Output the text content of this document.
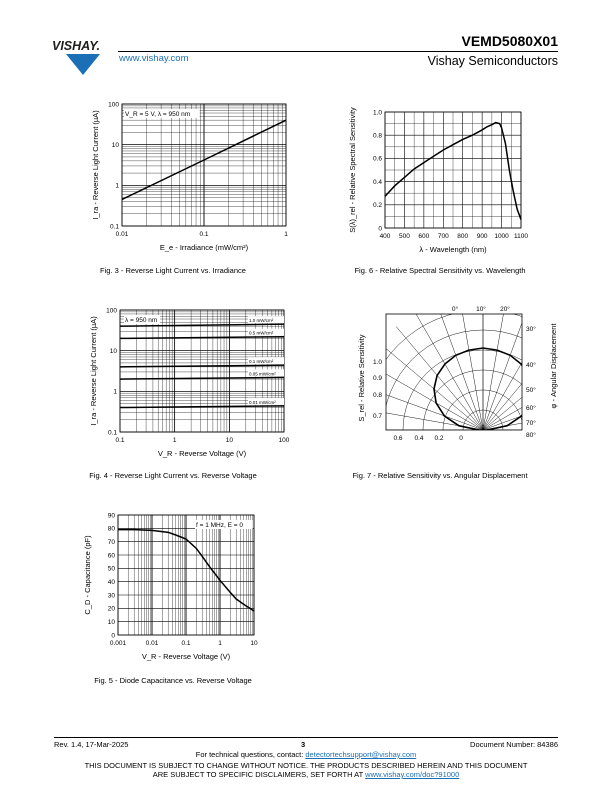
VISHAY.	VEMD5080X01
Vishay Semiconductors
www.vishay.com
0.01	0.1	1
0.1
1
10
100
E_e - Irradiance (mW/cm²)
I_ra - Reverse Light Current (µA)	V_R = 5 V, λ = 950 nm
Fig. 3 - Reverse Light Current vs. Irradiance
400 500 600 700 800 900 1000 1100
0
0.2
0.4
0.6
0.8
1.0
λ - Wavelength (nm)
S(λ)_rel - Relative Spectral Sensitivity
Fig. 6 - Relative Spectral Sensitivity vs. Wavelength
0.1	1	10	100
0.1
1
10
100
V_R - Reverse Voltage (V)
I_ra - Reverse Light Current (µA)	1.0 mW/cm²
0.5 mW/cm²
0.1 mW/cm²
0.05 mW/cm²
0.01 mW/cm²
λ = 950 nm
Fig. 4 - Reverse Light Current vs. Reverse Voltage
0°	10° 20°
30°
40°
50°
60°
70°
80°
1.0
0.9
0.8
0.7
0.6 0.4 0.2 0
S_rel - Relative Sensitivity	φ - Angular Displacement
Fig. 7 - Relative Sensitivity vs. Angular Displacement
0.001	0.01	0.1	1	10
0
10
20
30
40
50
60
70
80
90
V_R - Reverse Voltage (V)
C_D - Capacitance (pF)
f = 1 MHz, E = 0
Fig. 5 - Diode Capacitance vs. Reverse Voltage
Rev. 1.4, 17-Mar-2025	3	Document Number: 84386
For technical questions, contact: detectortechsupport@vishay.com
THIS DOCUMENT IS SUBJECT TO CHANGE WITHOUT NOTICE. THE PRODUCTS DESCRIBED HEREIN AND THIS DOCUMENT
ARE SUBJECT TO SPECIFIC DISCLAIMERS, SET FORTH AT www.vishay.com/doc?91000
